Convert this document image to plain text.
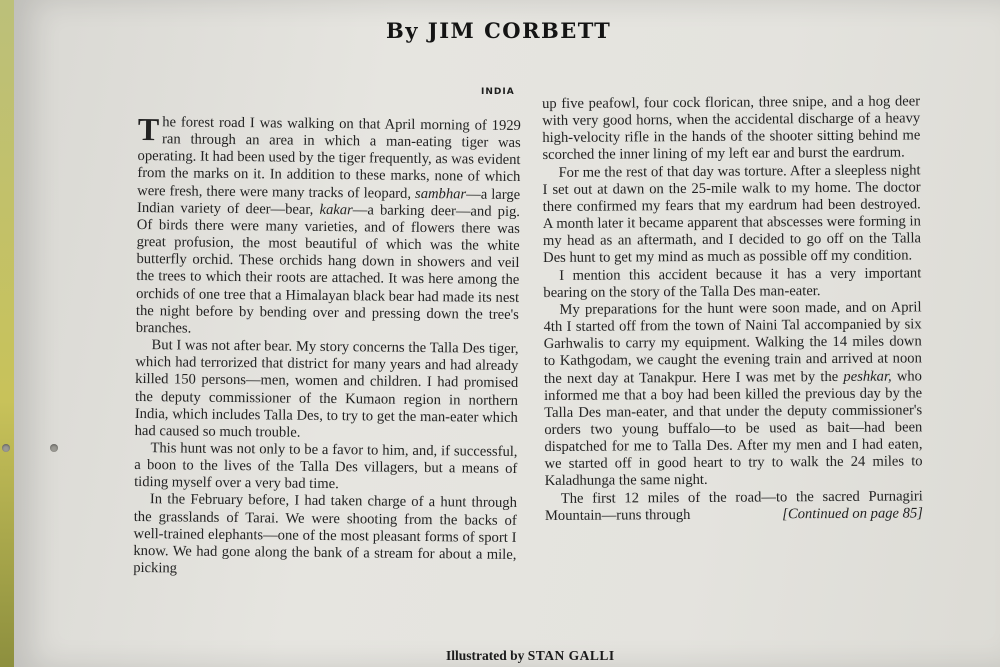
By JIM CORBETT
INDIA

The forest road I was walking on that April morning of 1929 ran through an area in which a man-eating tiger was operating. It had been used by the tiger frequently, as was evident from the marks on it. In addition to these marks, none of which were fresh, there were many tracks of leopard, sambhar—a large Indian variety of deer—bear, kakar—a barking deer—and pig. Of birds there were many varieties, and of flowers there was great profusion, the most beautiful of which was the white butterfly orchid. These orchids hang down in showers and veil the trees to which their roots are attached. It was here among the orchids of one tree that a Himalayan black bear had made its nest the night before by bending over and pressing down the tree's branches.

But I was not after bear. My story concerns the Talla Des tiger, which had terrorized that district for many years and had already killed 150 persons—men, women and children. I had promised the deputy commissioner of the Kumaon region in northern India, which includes Talla Des, to try to get the man-eater which had caused so much trouble.

This hunt was not only to be a favor to him, and, if successful, a boon to the lives of the Talla Des villagers, but a means of tiding myself over a very bad time.

In the February before, I had taken charge of a hunt through the grasslands of Tarai. We were shooting from the backs of well-trained elephants—one of the most pleasant forms of sport I know. We had gone along the bank of a stream for about a mile, picking

up five peafowl, four cock florican, three snipe, and a hog deer with very good horns, when the accidental discharge of a heavy high-velocity rifle in the hands of the shooter sitting behind me scorched the inner lining of my left ear and burst the eardrum.

For me the rest of that day was torture. After a sleepless night I set out at dawn on the 25-mile walk to my home. The doctor there confirmed my fears that my eardrum had been destroyed. A month later it became apparent that abscesses were forming in my head as an aftermath, and I decided to go off on the Talla Des hunt to get my mind as much as possible off my condition.

I mention this accident because it has a very important bearing on the story of the Talla Des man-eater.

My preparations for the hunt were soon made, and on April 4th I started off from the town of Naini Tal accompanied by six Garhwalis to carry my equipment. Walking the 14 miles down to Kathgodam, we caught the evening train and arrived at noon the next day at Tanakpur. Here I was met by the peshkar, who informed me that a boy had been killed the previous day by the Talla Des man-eater, and that under the deputy commissioner's orders two young buffalo—to be used as bait—had been dispatched for me to Talla Des. After my men and I had eaten, we started off in good heart to try to walk the 24 miles to Kaladhunga the same night.

The first 12 miles of the road—to the sacred Purnagiri Mountain—runs through	[Continued on page 85]

Illustrated by STAN GALLI
